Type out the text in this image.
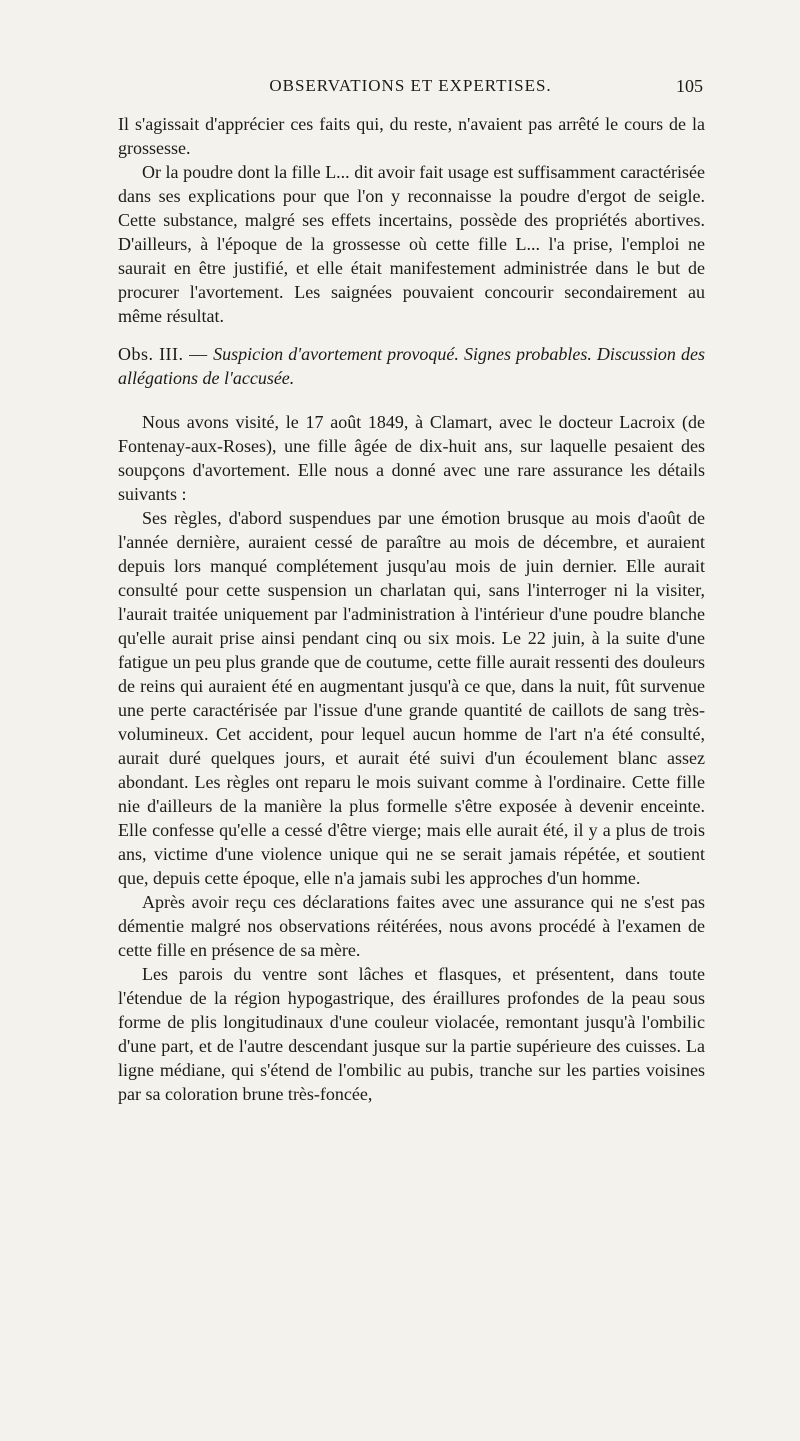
OBSERVATIONS ET EXPERTISES.	105

Il s'agissait d'apprécier ces faits qui, du reste, n'avaient pas arrêté le cours de la grossesse.

Or la poudre dont la fille L... dit avoir fait usage est suffisamment caractérisée dans ses explications pour que l'on y reconnaisse la poudre d'ergot de seigle. Cette substance, malgré ses effets incertains, possède des propriétés abortives. D'ailleurs, à l'époque de la grossesse où cette fille L... l'a prise, l'emploi ne saurait en être justifié, et elle était manifestement administrée dans le but de procurer l'avortement. Les saignées pouvaient concourir secondairement au même résultat.

Obs. III. — Suspicion d'avortement provoqué. Signes probables. Discussion des allégations de l'accusée.

Nous avons visité, le 17 août 1849, à Clamart, avec le docteur Lacroix (de Fontenay-aux-Roses), une fille âgée de dix-huit ans, sur laquelle pesaient des soupçons d'avortement. Elle nous a donné avec une rare assurance les détails suivants :

Ses règles, d'abord suspendues par une émotion brusque au mois d'août de l'année dernière, auraient cessé de paraître au mois de décembre, et auraient depuis lors manqué complétement jusqu'au mois de juin dernier. Elle aurait consulté pour cette suspension un charlatan qui, sans l'interroger ni la visiter, l'aurait traitée uniquement par l'administration à l'intérieur d'une poudre blanche qu'elle aurait prise ainsi pendant cinq ou six mois. Le 22 juin, à la suite d'une fatigue un peu plus grande que de coutume, cette fille aurait ressenti des douleurs de reins qui auraient été en augmentant jusqu'à ce que, dans la nuit, fût survenue une perte caractérisée par l'issue d'une grande quantité de caillots de sang très-volumineux. Cet accident, pour lequel aucun homme de l'art n'a été consulté, aurait duré quelques jours, et aurait été suivi d'un écoulement blanc assez abondant. Les règles ont reparu le mois suivant comme à l'ordinaire. Cette fille nie d'ailleurs de la manière la plus formelle s'être exposée à devenir enceinte. Elle confesse qu'elle a cessé d'être vierge; mais elle aurait été, il y a plus de trois ans, victime d'une violence unique qui ne se serait jamais répétée, et soutient que, depuis cette époque, elle n'a jamais subi les approches d'un homme.

Après avoir reçu ces déclarations faites avec une assurance qui ne s'est pas démentie malgré nos observations réitérées, nous avons procédé à l'examen de cette fille en présence de sa mère.

Les parois du ventre sont lâches et flasques, et présentent, dans toute l'étendue de la région hypogastrique, des éraillures profondes de la peau sous forme de plis longitudinaux d'une couleur violacée, remontant jusqu'à l'ombilic d'une part, et de l'autre descendant jusque sur la partie supérieure des cuisses. La ligne médiane, qui s'étend de l'ombilic au pubis, tranche sur les parties voisines par sa coloration brune très-foncée,
